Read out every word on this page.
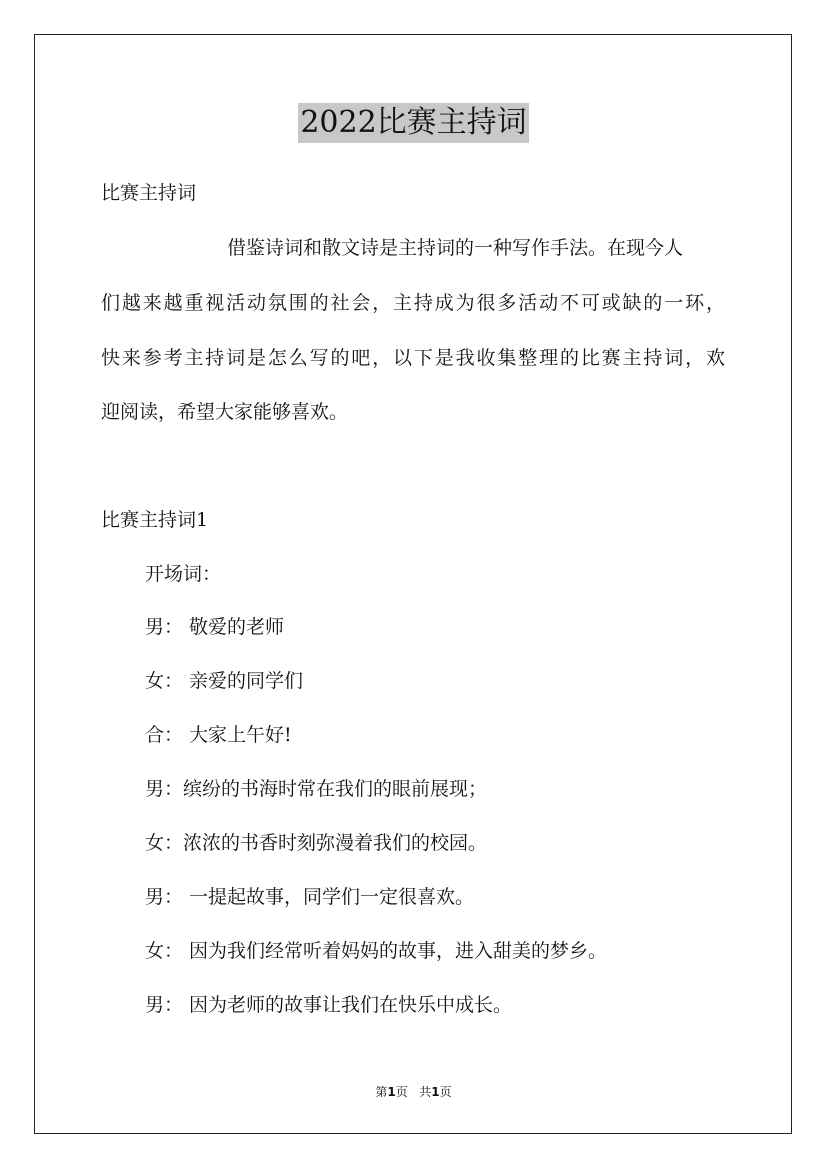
2022比赛主持词

比赛主持词

借鉴诗词和散文诗是主持词的一种写作手法。在现今人

们越来越重视活动氛围的社会，主持成为很多活动不可或缺的一环，

快来参考主持词是怎么写的吧，以下是我收集整理的比赛主持词，欢

迎阅读，希望大家能够喜欢。

比赛主持词1

开场词：

男： 敬爱的老师

女： 亲爱的同学们

合： 大家上午好!

男：缤纷的书海时常在我们的眼前展现；

女：浓浓的书香时刻弥漫着我们的校园。

男： 一提起故事，同学们一定很喜欢。

女： 因为我们经常听着妈妈的故事，进入甜美的梦乡。

男： 因为老师的故事让我们在快乐中成长。

第1页 共1页
